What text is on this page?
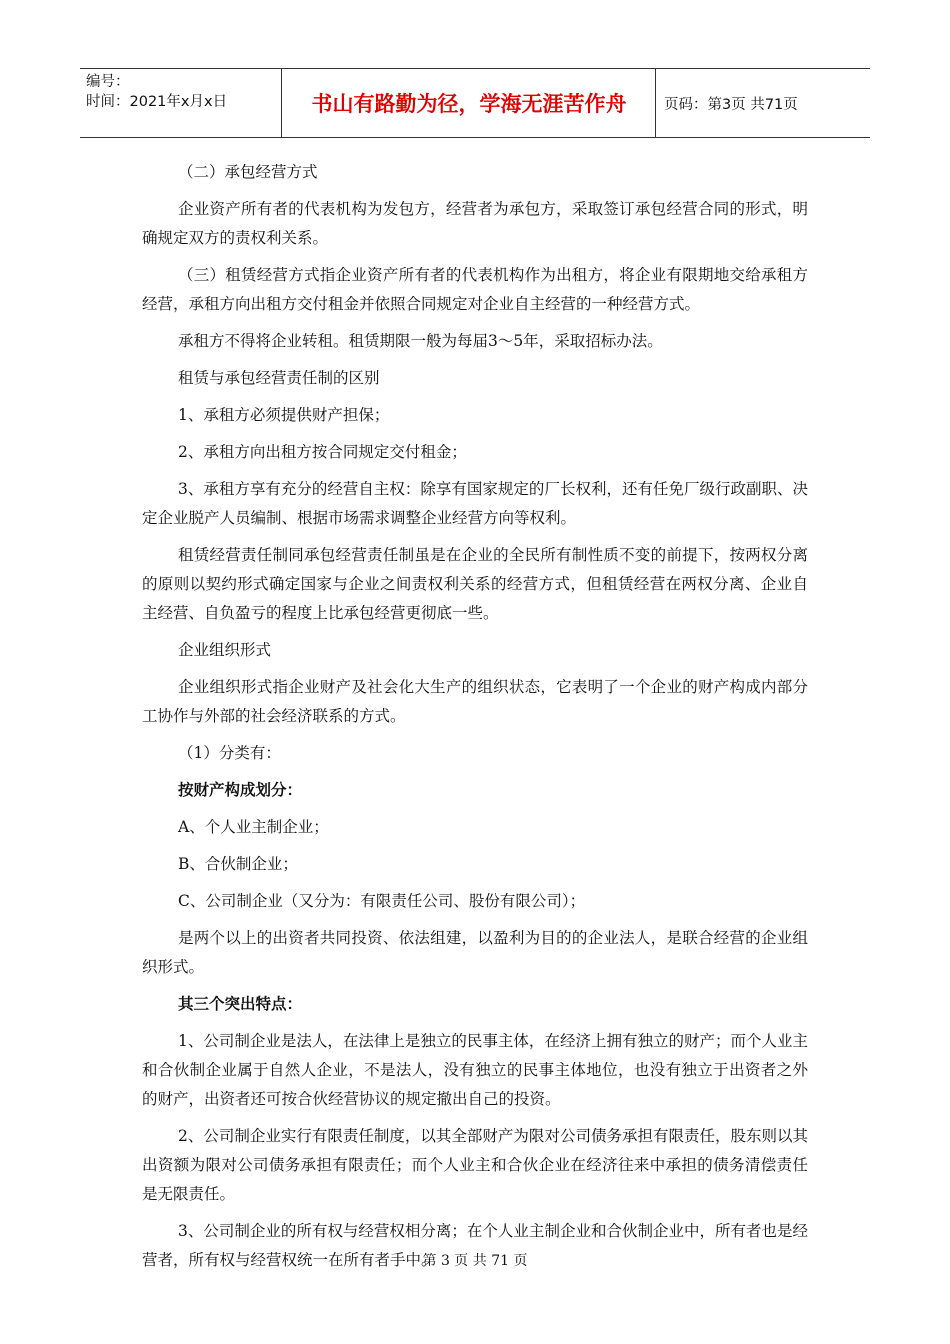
编号：
时间：2021年x月x日	书山有路勤为径，学海无涯苦作舟	页码：第3页 共71页

（二）承包经营方式

企业资产所有者的代表机构为发包方，经营者为承包方，采取签订承包经营合同的形式，明确规定双方的责权利关系。

（三）租赁经营方式指企业资产所有者的代表机构作为出租方，将企业有限期地交给承租方经营，承租方向出租方交付租金并依照合同规定对企业自主经营的一种经营方式。

承租方不得将企业转租。租赁期限一般为每届3～5年，采取招标办法。

租赁与承包经营责任制的区别

1、承租方必须提供财产担保；

2、承租方向出租方按合同规定交付租金；

3、承租方享有充分的经营自主权：除享有国家规定的厂长权利，还有任免厂级行政副职、决定企业脱产人员编制、根据市场需求调整企业经营方向等权利。

租赁经营责任制同承包经营责任制虽是在企业的全民所有制性质不变的前提下，按两权分离的原则以契约形式确定国家与企业之间责权利关系的经营方式，但租赁经营在两权分离、企业自主经营、自负盈亏的程度上比承包经营更彻底一些。

企业组织形式

企业组织形式指企业财产及社会化大生产的组织状态，它表明了一个企业的财产构成内部分工协作与外部的社会经济联系的方式。

（1）分类有：

按财产构成划分：

A、个人业主制企业；

B、合伙制企业；

C、公司制企业（又分为：有限责任公司、股份有限公司）；

是两个以上的出资者共同投资、依法组建，以盈利为目的的企业法人，是联合经营的企业组织形式。

其三个突出特点：

1、公司制企业是法人，在法律上是独立的民事主体，在经济上拥有独立的财产；而个人业主和合伙制企业属于自然人企业，不是法人，没有独立的民事主体地位，也没有独立于出资者之外的财产，出资者还可按合伙经营协议的规定撤出自己的投资。

2、公司制企业实行有限责任制度，以其全部财产为限对公司债务承担有限责任，股东则以其出资额为限对公司债务承担有限责任；而个人业主和合伙企业在经济往来中承担的债务清偿责任是无限责任。

3、公司制企业的所有权与经营权相分离；在个人业主制企业和合伙制企业中，所有者也是经营者，所有权与经营权统一在所有者手中。

第 3 页 共 71 页
